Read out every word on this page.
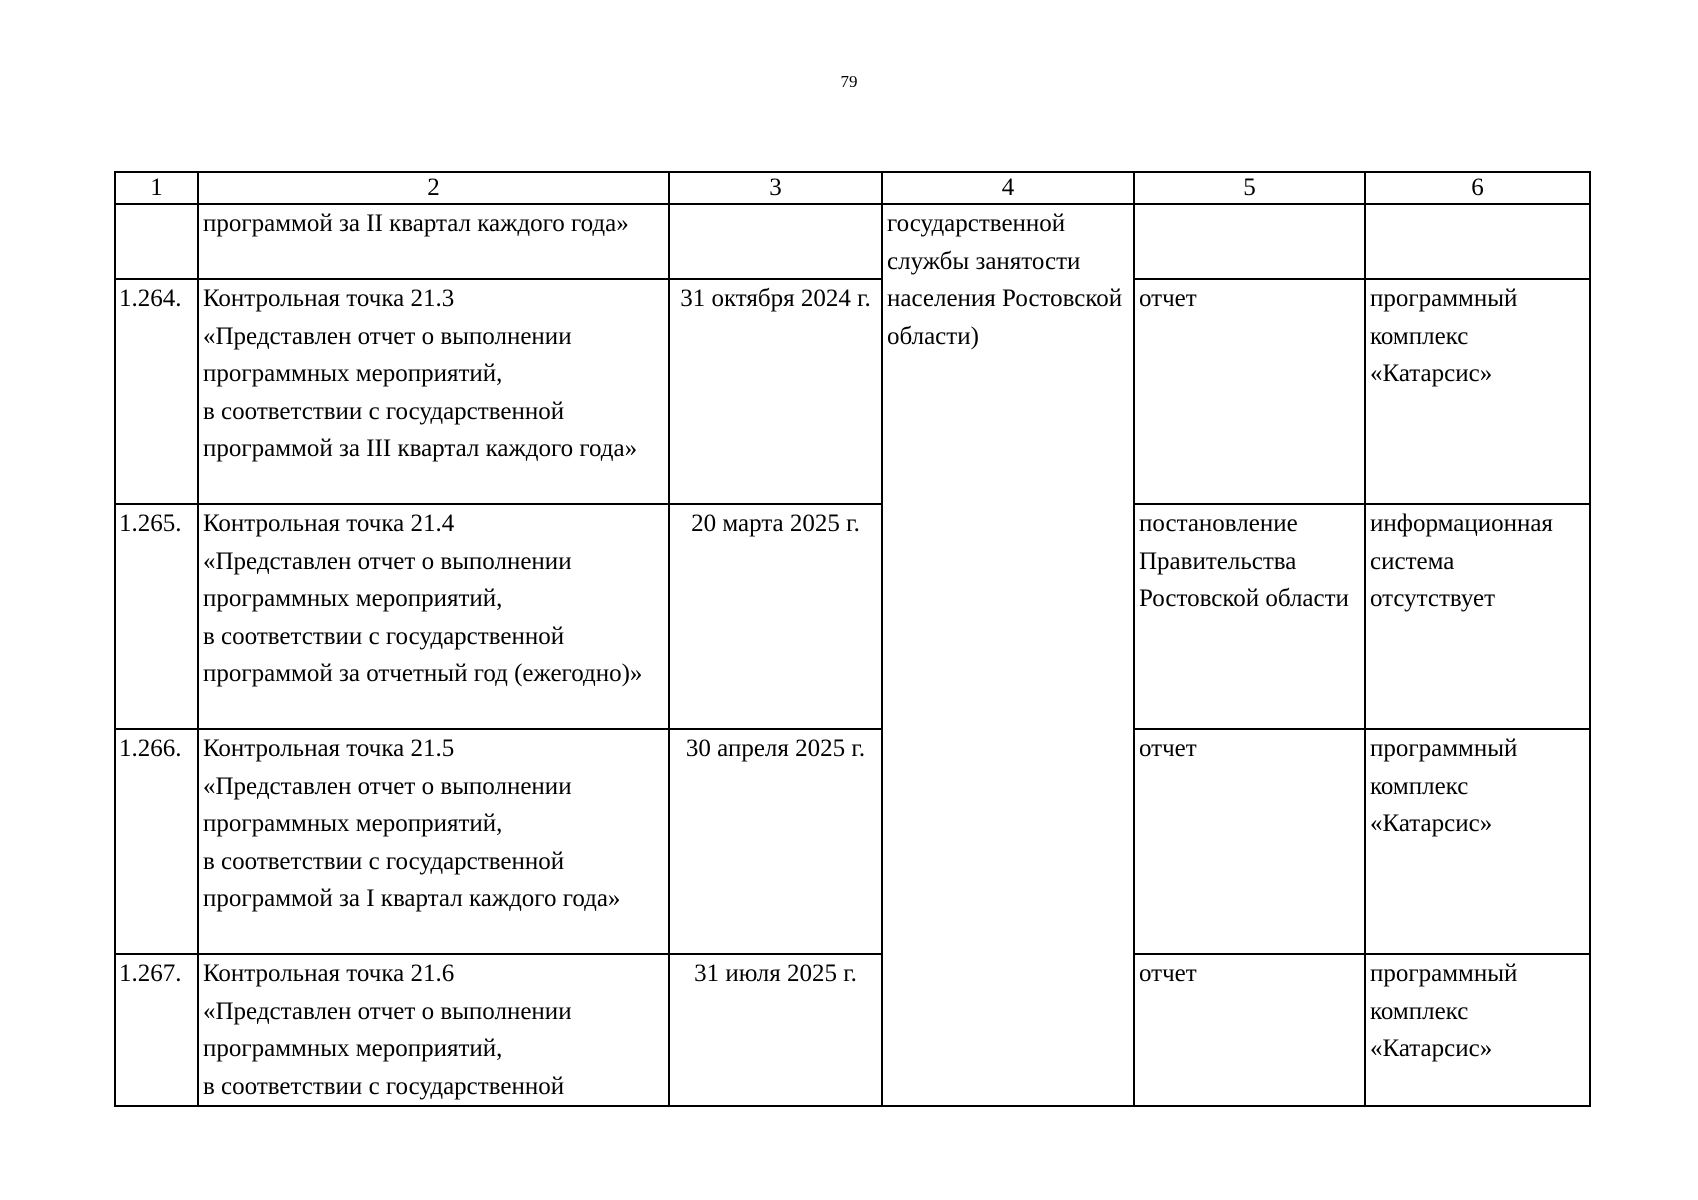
79
1	2	3	4	5	6
	программой за II квартал каждого года»		государственной службы занятости населения Ростовской области)		
1.264.	Контрольная точка 21.3
«Представлен отчет о выполнении программных мероприятий,
в соответствии с государственной программой за III квартал каждого года»	31 октября 2024 г.		отчет	программный комплекс «Катарсис»
1.265.	Контрольная точка 21.4
«Представлен отчет о выполнении программных мероприятий,
в соответствии с государственной программой за отчетный год (ежегодно)»	20 марта 2025 г.		постановление Правительства Ростовской области	информационная система отсутствует
1.266.	Контрольная точка 21.5
«Представлен отчет о выполнении программных мероприятий,
в соответствии с государственной программой за I квартал каждого года»	30 апреля 2025 г.		отчет	программный комплекс «Катарсис»
1.267.	Контрольная точка 21.6
«Представлен отчет о выполнении программных мероприятий,
в соответствии с государственной	31 июля 2025 г.		отчет	программный комплекс «Катарсис»
